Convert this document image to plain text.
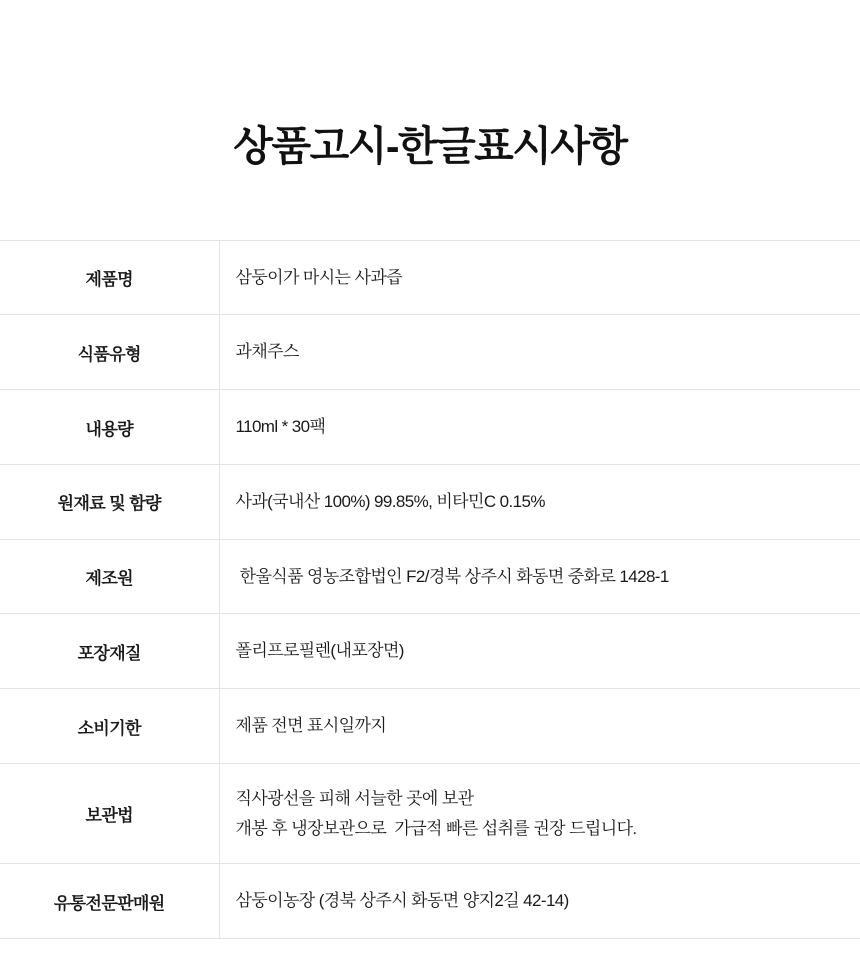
상품고시-한글표시사항
제품명	삼둥이가 마시는 사과즙

식품유형	과채주스

내용량	110ml * 30팩

원재료 및 함량	사과(국내산 100%) 99.85%, 비타민C 0.15%

제조원	한울식품 영농조합법인 F2/경북 상주시 화동면 중화로 1428-1

포장재질	폴리프로필렌(내포장면)

소비기한	제품 전면 표시일까지

보관법	직사광선을 피해 서늘한 곳에 보관
개봉 후 냉장보관으로  가급적 빠른 섭취를 권장 드립니다.

유통전문판매원	삼둥이농장 (경북 상주시 화동면 양지2길 42-14)
